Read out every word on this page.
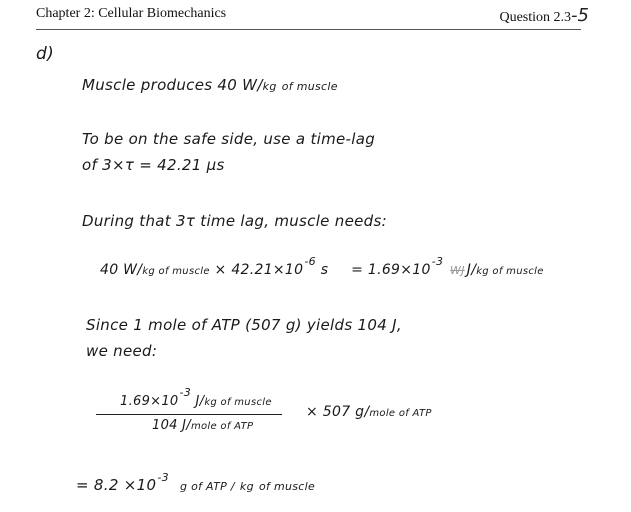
Chapter 2: Cellular Biomechanics	Question 2.3 -5
d)
Muscle produces 40 W/kg of muscle
To be on the safe side, use a time-lag
of 3×τ = 42.21 µs
During that 3τ time lag, muscle needs:
40 W/kg of muscle × $42.21\times 10^{-6}$ $s = 1.69\times 10^{-3}$ WJ J/kg of muscle
Since 1 mole of ATP (507 g) yields 104 J,
we need:
$1.69\times 10^{-3}$ J/kg of muscle
104 J/mole of ATP
× 507 g/mole of ATP
= $8.2 \times 10^{-3}$ g of ATP / kg of muscle
